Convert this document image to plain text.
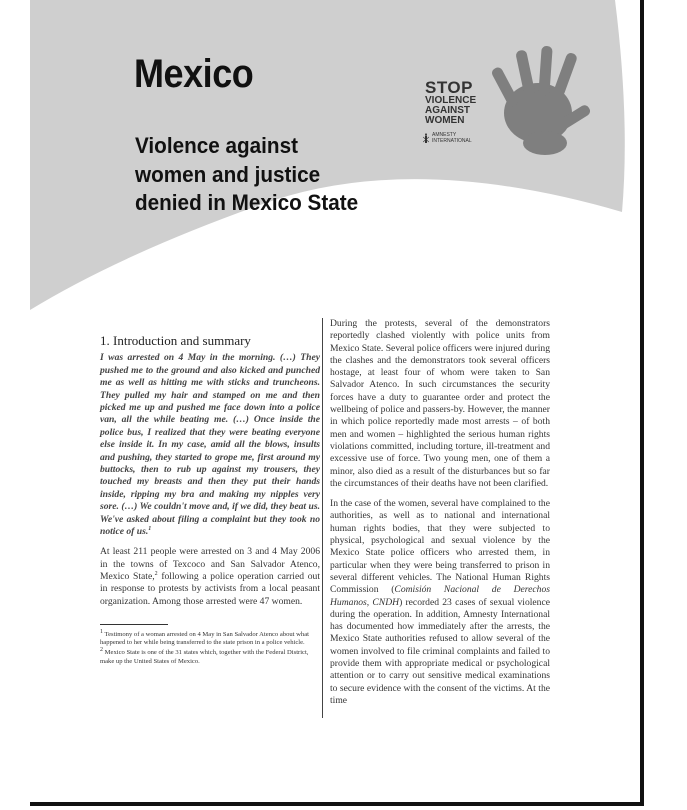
STOP
VIOLENCE
AGAINST
WOMEN
AMNESTY
INTERNATIONAL
Mexico
Violence against
women and justice
denied in Mexico State
1. Introduction and summary

I was arrested on 4 May in the morning. (…) They pushed me to the ground and also kicked and punched me as well as hitting me with sticks and truncheons. They pulled my hair and stamped on me and then picked me up and pushed me face down into a police van, all the while beating me. (…) Once inside the police bus, I realized that they were beating everyone else inside it. In my case, amid all the blows, insults and pushing, they started to grope me, first around my buttocks, then to rub up against my trousers, they touched my breasts and then they put their hands inside, ripping my bra and making my nipples very sore. (…) We couldn't move and, if we did, they beat us. We've asked about filing a complaint but they took no notice of us.$^1$

At least 211 people were arrested on 3 and 4 May 2006 in the towns of Texcoco and San Salvador Atenco, Mexico State,$^2$ following a police operation carried out in response to protests by activists from a local peasant organization. Among those arrested were 47 women.

$^1$ Testimony of a woman arrested on 4 May in San Salvador Atenco about what happened to her while being transferred to the state prison in a police vehicle.

$^2$ Mexico State is one of the 31 states which, together with the Federal District, make up the United States of Mexico.

During the protests, several of the demonstrators reportedly clashed violently with police units from Mexico State. Several police officers were injured during the clashes and the demonstrators took several officers hostage, at least four of whom were taken to San Salvador Atenco. In such circumstances the security forces have a duty to guarantee order and protect the wellbeing of police and passers-by. However, the manner in which police reportedly made most arrests – of both men and women – highlighted the serious human rights violations committed, including torture, ill-treatment and excessive use of force. Two young men, one of them a minor, also died as a result of the disturbances but so far the circumstances of their deaths have not been clarified.

In the case of the women, several have complained to the authorities, as well as to national and international human rights bodies, that they were subjected to physical, psychological and sexual violence by the Mexico State police officers who arrested them, in particular when they were being transferred to prison in several different vehicles. The National Human Rights Commission (Comisión Nacional de Derechos Humanos, CNDH) recorded 23 cases of sexual violence during the operation. In addition, Amnesty International has documented how immediately after the arrests, the Mexico State authorities refused to allow several of the women involved to file criminal complaints and failed to provide them with appropriate medical or psychological attention or to carry out sensitive medical examinations to secure evidence with the consent of the victims. At the time
